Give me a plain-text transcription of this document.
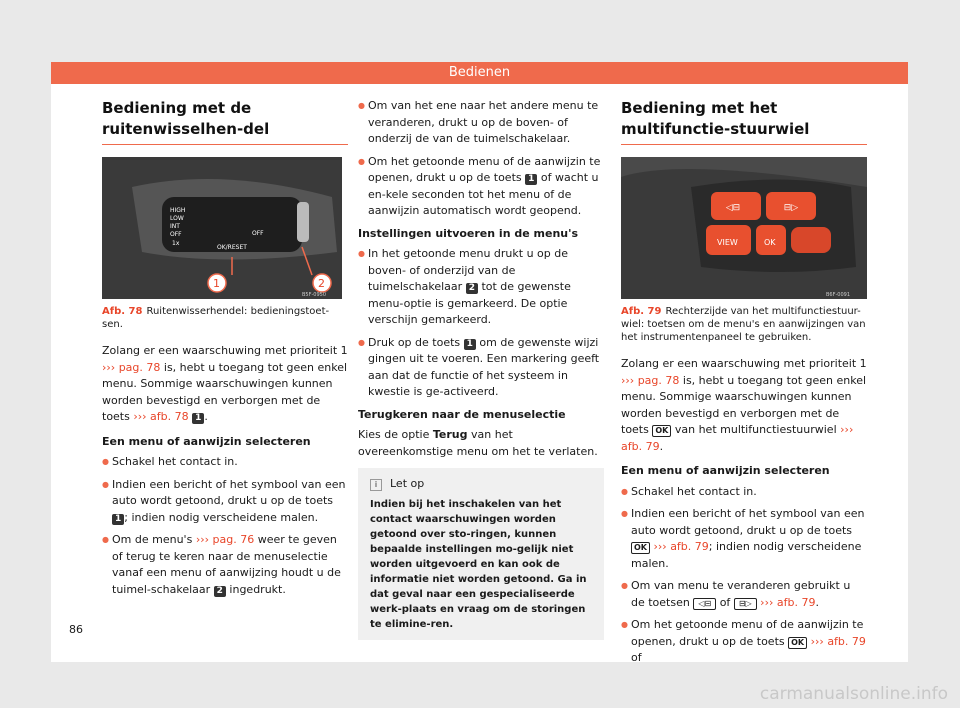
Bedienen
Bediening met de ruitenwisselhen-del
HIGH
LOW
INT
OFF
1x
OFF
OK/RESET
1	2
B5F-0950
Afb. 78 Ruitenwisserhendel: bedieningstoet-sen.

Zolang er een waarschuwing met prioriteit 1 ››› pag. 78 is, hebt u toegang tot geen enkel menu. Sommige waarschuwingen kunnen worden bevestigd en verborgen met de toets ››› afb. 78 1 .

Een menu of aanwijzin selecteren
● Schakel het contact in.
● Indien een bericht of het symbool van een auto wordt getoond, drukt u op de toets 1 ; indien nodig verscheidene malen.
● Om de menu's ››› pag. 76 weer te geven of terug te keren naar de menuselectie vanaf een menu of aanwijzing houdt u de tuimel-schakelaar 2 ingedrukt.
● Om van het ene naar het andere menu te veranderen, drukt u op de boven- of onderzij de van de tuimelschakelaar.
● Om het getoonde menu of de aanwijzin te openen, drukt u op de toets 1 of wacht u en-kele seconden tot het menu of de aanwijzin automatisch wordt geopend.
Instellingen uitvoeren in de menu's
● In het getoonde menu drukt u op de boven- of onderzijd van de tuimelschakelaar 2 tot de gewenste menu-optie is gemarkeerd. De optie verschijn gemarkeerd.
● Druk op de toets 1 om de gewenste wijzi gingen uit te voeren. Een markering geeft aan dat de functie of het systeem in kwestie is ge-activeerd.
Terugkeren naar de menuselectie

Kies de optie Terug van het overeenkomstige menu om het te verlaten.

i Let op
Indien bij het inschakelen van het contact waarschuwingen worden getoond over sto-ringen, kunnen bepaalde instellingen mo-gelijk niet worden uitgevoerd en kan ook de informatie niet worden getoond. Ga in dat geval naar een gespecialiseerde werk-plaats en vraag om de storingen te elimine-ren.
Bediening met het multifunctie-stuurwiel
◁⊟	⊟▷
VIEW	OK
B6F-0091
Afb. 79 Rechterzijde van het multifunctiestuur-wiel: toetsen om de menu's en aanwijzingen van het instrumentenpaneel te gebruiken.

Zolang er een waarschuwing met prioriteit 1 ››› pag. 78 is, hebt u toegang tot geen enkel menu. Sommige waarschuwingen kunnen worden bevestigd en verborgen met de toets OK van het multifunctiestuurwiel ››› afb. 79.

Een menu of aanwijzin selecteren
● Schakel het contact in.
● Indien een bericht of het symbool van een auto wordt getoond, drukt u op de toets OK ››› afb. 79; indien nodig verscheidene malen.
● Om van menu te veranderen gebruikt u de toetsen ◁⊟ of ⊟▷ ››› afb. 79.
● Om het getoonde menu of de aanwijzin te openen, drukt u op de toets OK ››› afb. 79 of
86
carmanualsonline.info
